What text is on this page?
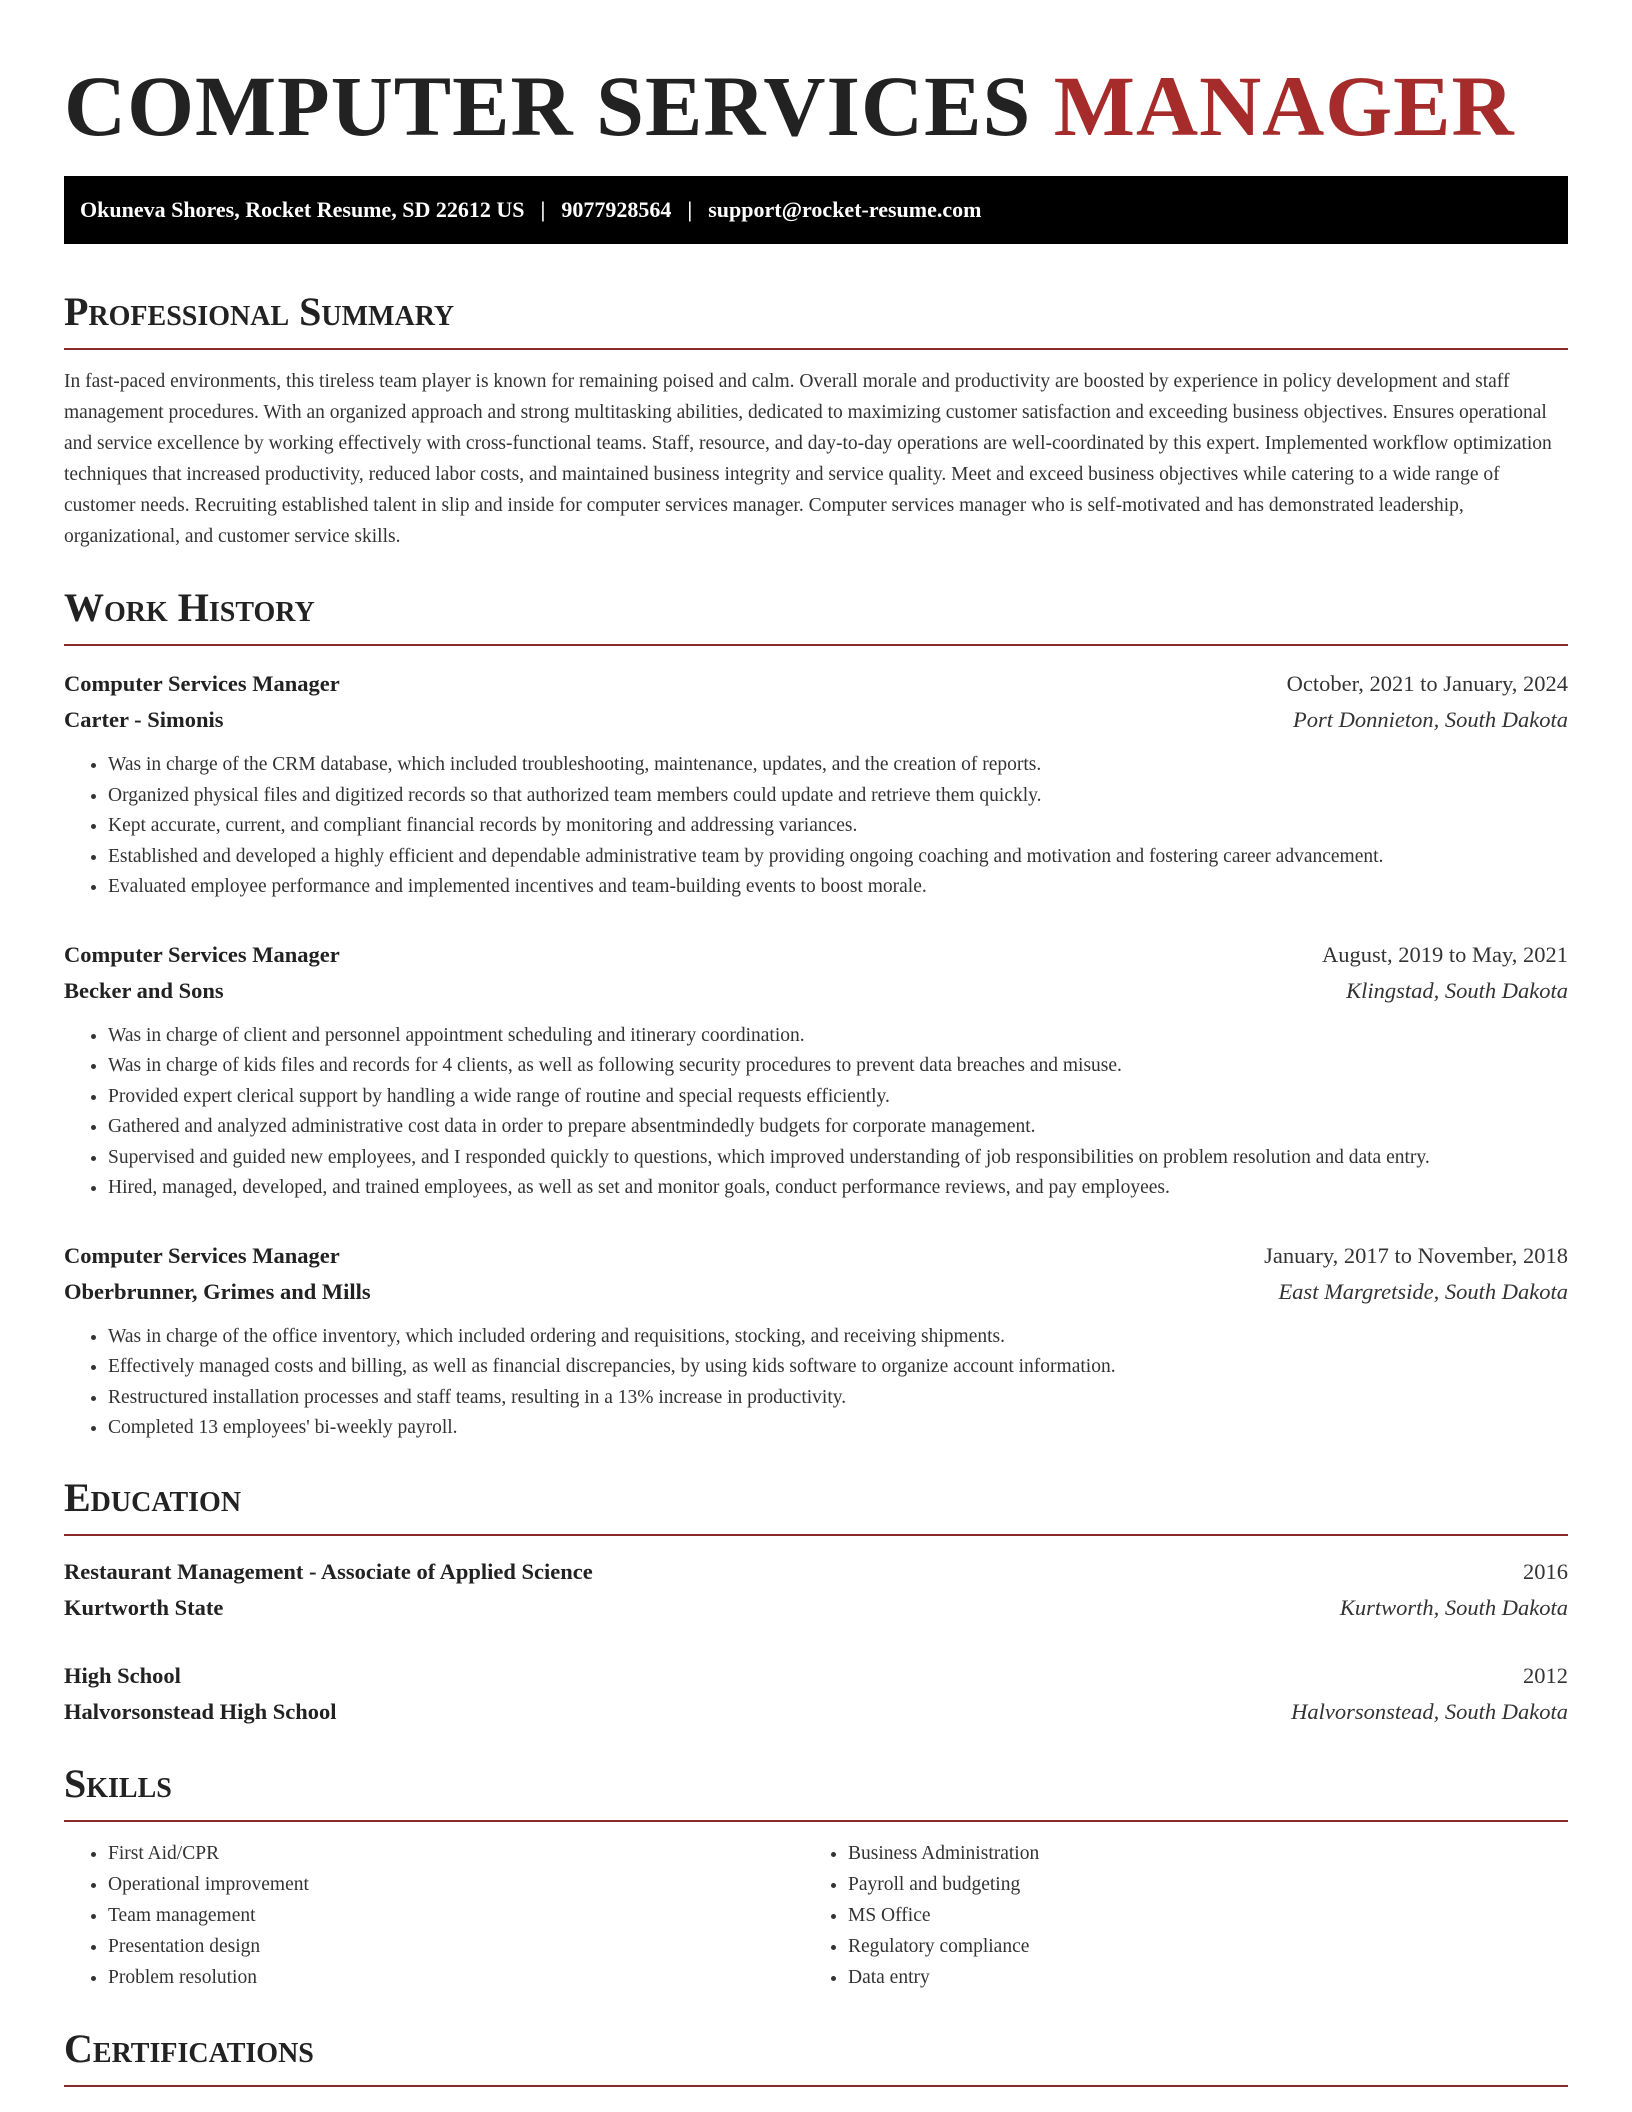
COMPUTER SERVICES MANAGER
Okuneva Shores, Rocket Resume, SD 22612 US | 9077928564 | support@rocket-resume.com
Professional Summary

In fast-paced environments, this tireless team player is known for remaining poised and calm. Overall morale and productivity are boosted by experience in policy development and staff management procedures. With an organized approach and strong multitasking abilities, dedicated to maximizing customer satisfaction and exceeding business objectives. Ensures operational and service excellence by working effectively with cross-functional teams. Staff, resource, and day-to-day operations are well-coordinated by this expert. Implemented workflow optimization techniques that increased productivity, reduced labor costs, and maintained business integrity and service quality. Meet and exceed business objectives while catering to a wide range of customer needs. Recruiting established talent in slip and inside for computer services manager. Computer services manager who is self-motivated and has demonstrated leadership, organizational, and customer service skills.

Work History
Computer Services Manager	October, 2021 to January, 2024
Carter - Simonis	Port Donnieton, South Dakota
• Was in charge of the CRM database, which included troubleshooting, maintenance, updates, and the creation of reports.
• Organized physical files and digitized records so that authorized team members could update and retrieve them quickly.
• Kept accurate, current, and compliant financial records by monitoring and addressing variances.
• Established and developed a highly efficient and dependable administrative team by providing ongoing coaching and motivation and fostering career advancement.
• Evaluated employee performance and implemented incentives and team-building events to boost morale.
Computer Services Manager	August, 2019 to May, 2021
Becker and Sons	Klingstad, South Dakota
• Was in charge of client and personnel appointment scheduling and itinerary coordination.
• Was in charge of kids files and records for 4 clients, as well as following security procedures to prevent data breaches and misuse.
• Provided expert clerical support by handling a wide range of routine and special requests efficiently.
• Gathered and analyzed administrative cost data in order to prepare absentmindedly budgets for corporate management.
• Supervised and guided new employees, and I responded quickly to questions, which improved understanding of job responsibilities on problem resolution and data entry.
• Hired, managed, developed, and trained employees, as well as set and monitor goals, conduct performance reviews, and pay employees.
Computer Services Manager	January, 2017 to November, 2018
Oberbrunner, Grimes and Mills	East Margretside, South Dakota
• Was in charge of the office inventory, which included ordering and requisitions, stocking, and receiving shipments.
• Effectively managed costs and billing, as well as financial discrepancies, by using kids software to organize account information.
• Restructured installation processes and staff teams, resulting in a 13% increase in productivity.
• Completed 13 employees' bi-weekly payroll.
Education
Restaurant Management - Associate of Applied Science	2016
Kurtworth State	Kurtworth, South Dakota
High School	2012
Halvorsonstead High School	Halvorsonstead, South Dakota
Skills
• First Aid/CPR
• Operational improvement
• Team management
• Presentation design
• Problem resolution
• Business Administration
• Payroll and budgeting
• MS Office
• Regulatory compliance
• Data entry
Certifications
